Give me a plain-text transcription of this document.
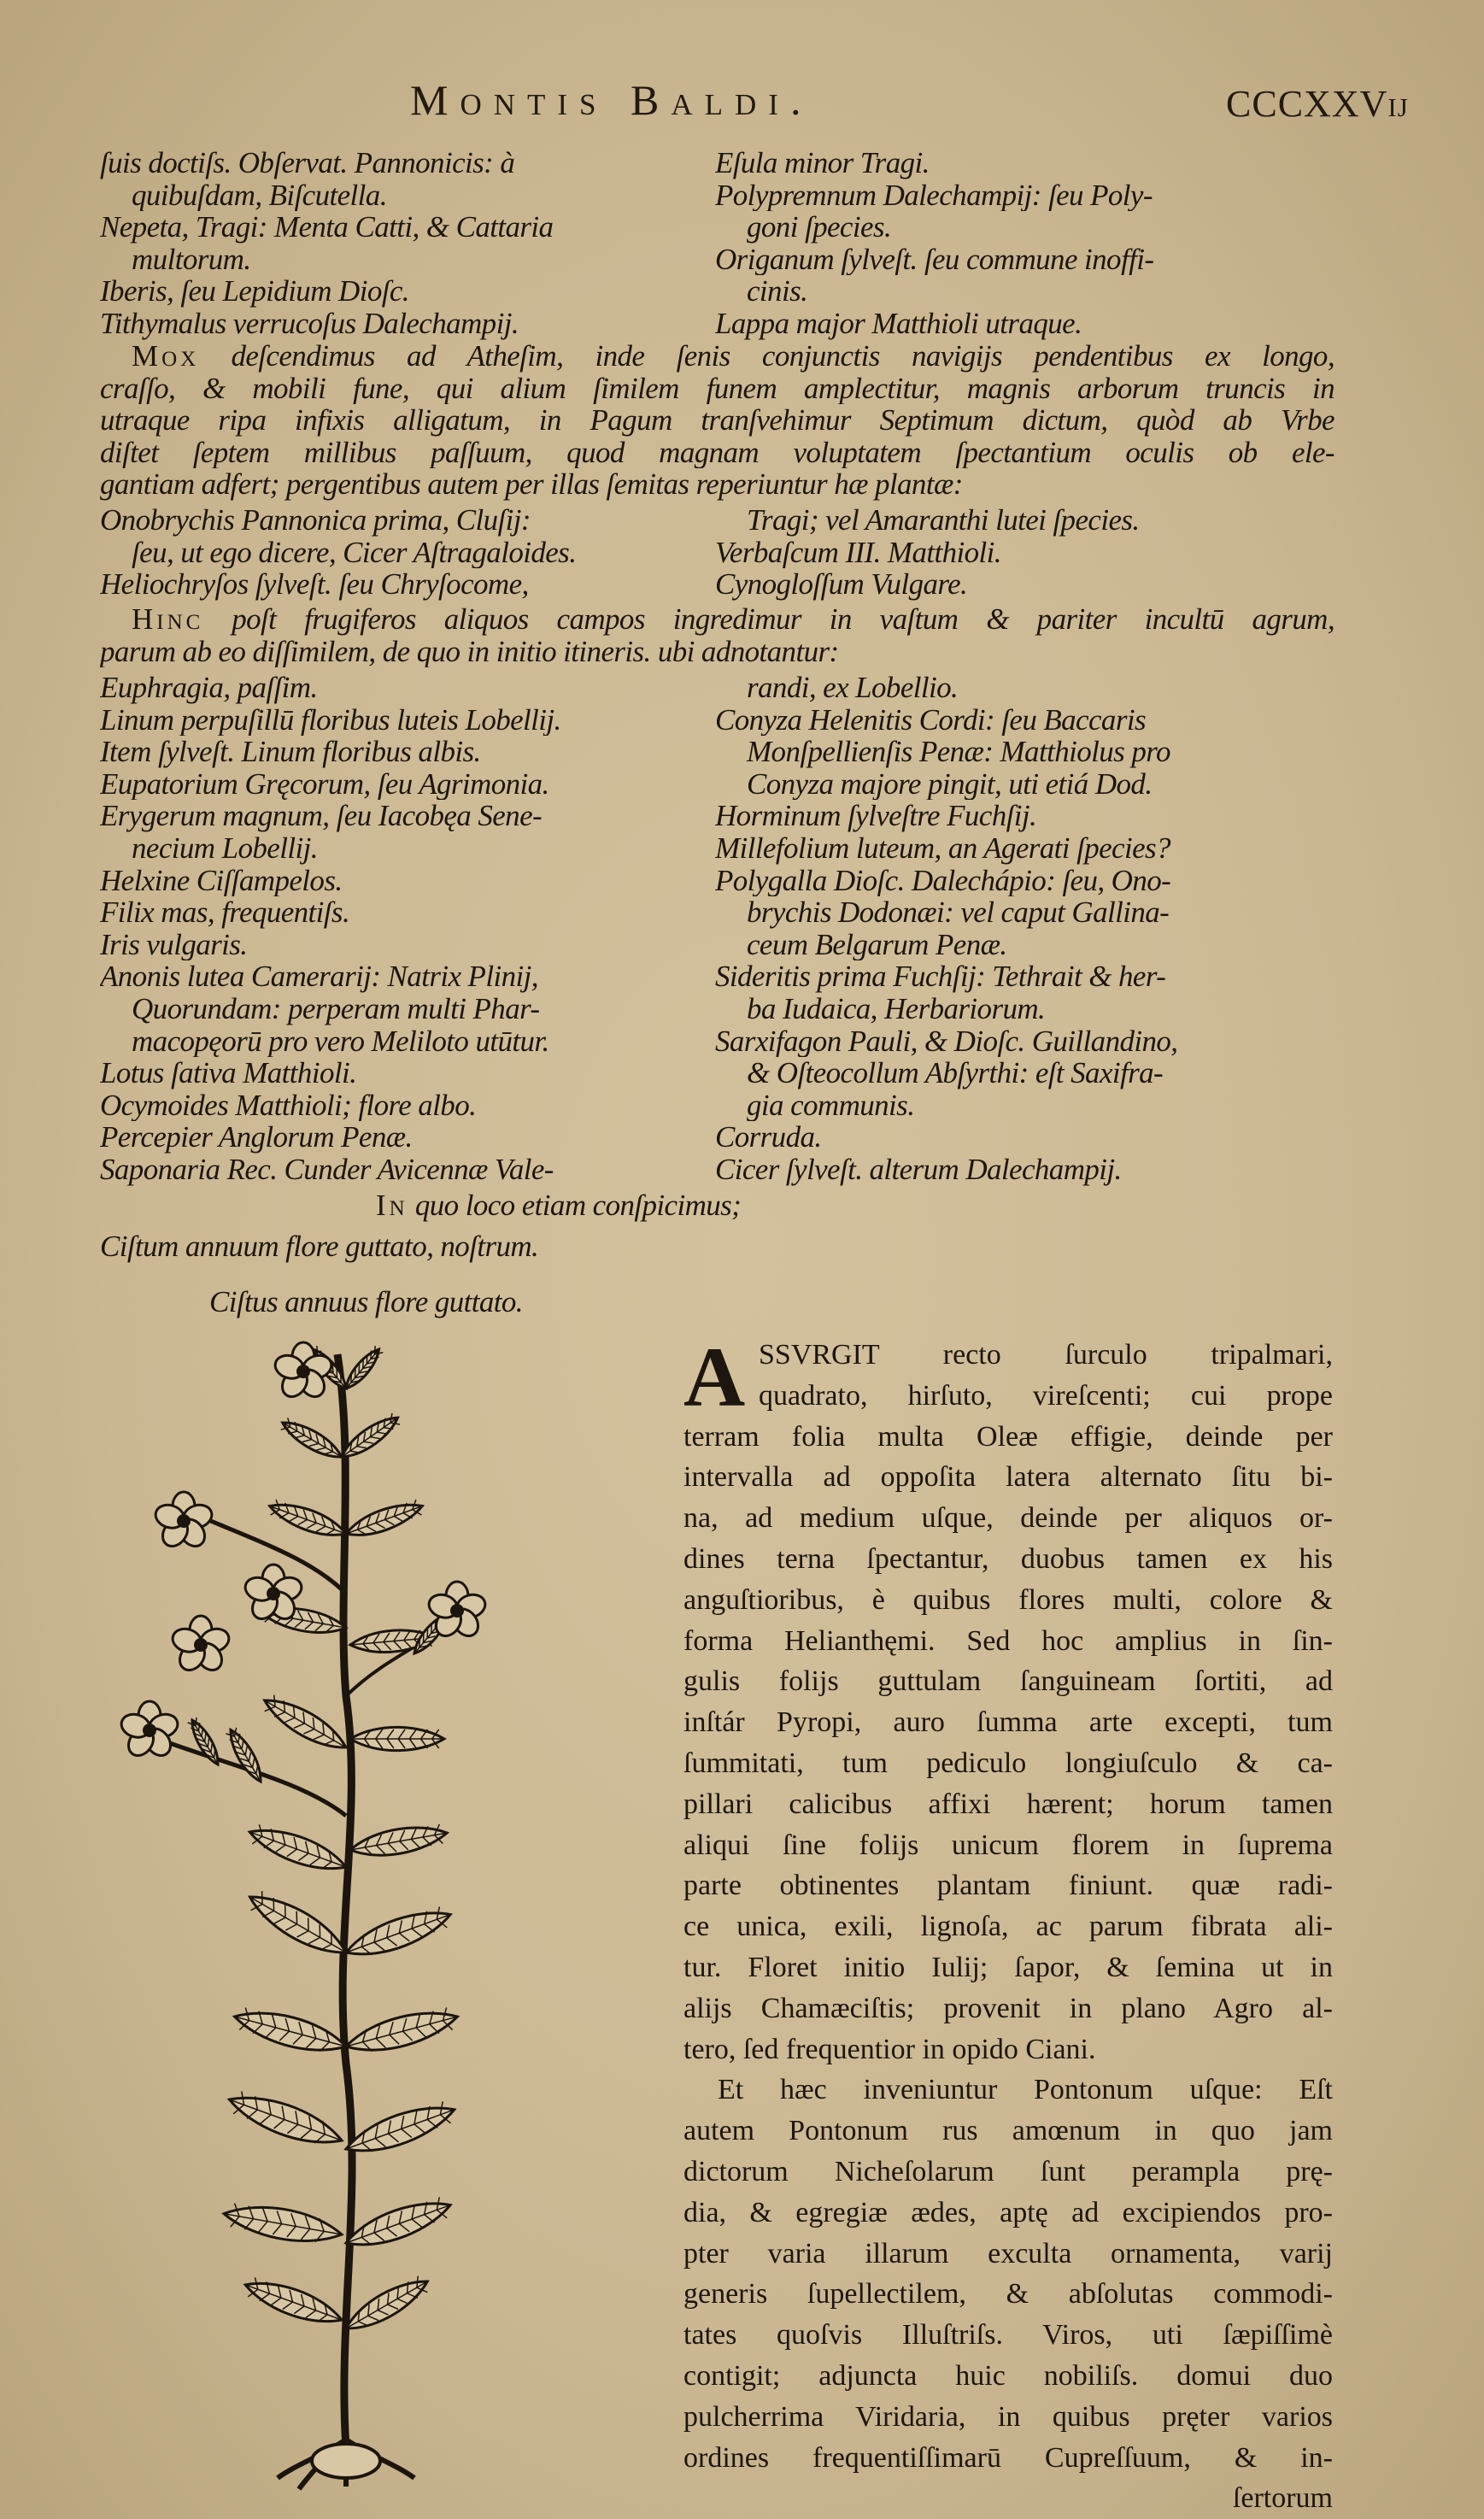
Montis Baldi.	CCCXXVij
ſuis doctiſs. Obſervat. Pannonicis: à
quibuſdam, Biſcutella.
Nepeta, Tragi: Menta Catti, & Cattaria
multorum.
Iberis, ſeu Lepidium Dioſc.
Tithymalus verrucoſus Dalechampij.
Eſula minor Tragi.
Polypremnum Dalechampij: ſeu Poly-
goni ſpecies.
Origanum ſylveſt. ſeu commune inoffi-
cinis.
Lappa major Matthioli utraque.
Mox deſcendimus ad Atheſim, inde ſenis conjunctis navigijs pendentibus ex longo,
craſſo, & mobili fune, qui alium ſimilem funem amplectitur, magnis arborum truncis in
utraque ripa infixis alligatum, in Pagum tranſvehimur Septimum dictum, quòd ab Vrbe
diſtet ſeptem millibus paſſuum, quod magnam voluptatem ſpectantium oculis ob ele-
gantiam adfert; pergentibus autem per illas ſemitas reperiuntur hæ plantæ:
Onobrychis Pannonica prima, Cluſij:
ſeu, ut ego dicere, Cicer Aſtragaloides.
Heliochryſos ſylveſt. ſeu Chryſocome,
Tragi; vel Amaranthi lutei ſpecies.
Verbaſcum III. Matthioli.
Cynogloſſum Vulgare.
Hinc poſt frugiferos aliquos campos ingredimur in vaſtum & pariter incultū agrum,
parum ab eo diſſimilem, de quo in initio itineris. ubi adnotantur:
Euphragia, paſſim.
Linum perpuſillū floribus luteis Lobellij.
Item ſylveſt. Linum floribus albis.
Eupatorium Gręcorum, ſeu Agrimonia.
Erygerum magnum, ſeu Iacobęa Sene-
necium Lobellij.
Helxine Ciſſampelos.
Filix mas, frequentiſs.
Iris vulgaris.
Anonis lutea Camerarij: Natrix Plinij,
Quorundam: perperam multi Phar-
macopęorū pro vero Meliloto utūtur.
Lotus ſativa Matthioli.
Ocymoides Matthioli; flore albo.
Percepier Anglorum Penæ.
Saponaria Rec. Cunder Avicennæ Vale-
randi, ex Lobellio.
Conyza Helenitis Cordi: ſeu Baccaris
Monſpellienſis Penæ: Matthiolus pro
Conyza majore pingit, uti etiá Dod.
Horminum ſylveſtre Fuchſij.
Millefolium luteum, an Agerati ſpecies?
Polygalla Dioſc. Dalechápio: ſeu, Ono-
brychis Dodonæi: vel caput Gallina-
ceum Belgarum Penæ.
Sideritis prima Fuchſij: Tethrait & her-
ba Iudaica, Herbariorum.
Sarxifagon Pauli, & Dioſc. Guillandino,
& Oſteocollum Abſyrthi: eſt Saxifra-
gia communis.
Corruda.
Cicer ſylveſt. alterum Dalechampij.
In quo loco etiam conſpicimus;
Ciſtum annuum flore guttato, noſtrum.
Ciſtus annuus flore guttato.
A SSVRGIT recto ſurculo tripalmari,
quadrato, hirſuto, vireſcenti; cui prope
terram folia multa Oleæ effigie, deinde per
intervalla ad oppoſita latera alternato ſitu bi-
na, ad medium uſque, deinde per aliquos or-
dines terna ſpectantur, duobus tamen ex his
anguſtioribus, è quibus flores multi, colore &
forma Helianthęmi. Sed hoc amplius in ſin-
gulis folijs guttulam ſanguineam ſortiti, ad
inſtár Pyropi, auro ſumma arte excepti, tum
ſummitati, tum pediculo longiuſculo & ca-
pillari calicibus affixi hærent; horum tamen
aliqui ſine folijs unicum florem in ſuprema
parte obtinentes plantam finiunt. quæ radi-
ce unica, exili, lignoſa, ac parum fibrata ali-
tur. Floret initio Iulij; ſapor, & ſemina ut in
alijs Chamæciſtis; provenit in plano Agro al-
tero, ſed frequentior in opido Ciani.
Et hæc inveniuntur Pontonum uſque: Eſt
autem Pontonum rus amœnum in quo jam
dictorum Nicheſolarum ſunt perampla prę-
dia, & egregiæ ædes, aptę ad excipiendos pro-
pter varia illarum exculta ornamenta, varij
generis ſupellectilem, & abſolutas commodi-
tates quoſvis Illuſtriſs. Viros, uti ſæpiſſimè
contigit; adjuncta huic nobiliſs. domui duo
pulcherrima Viridaria, in quibus pręter varios
ordines frequentiſſimarū Cupreſſuum, & in-
ſertorum
